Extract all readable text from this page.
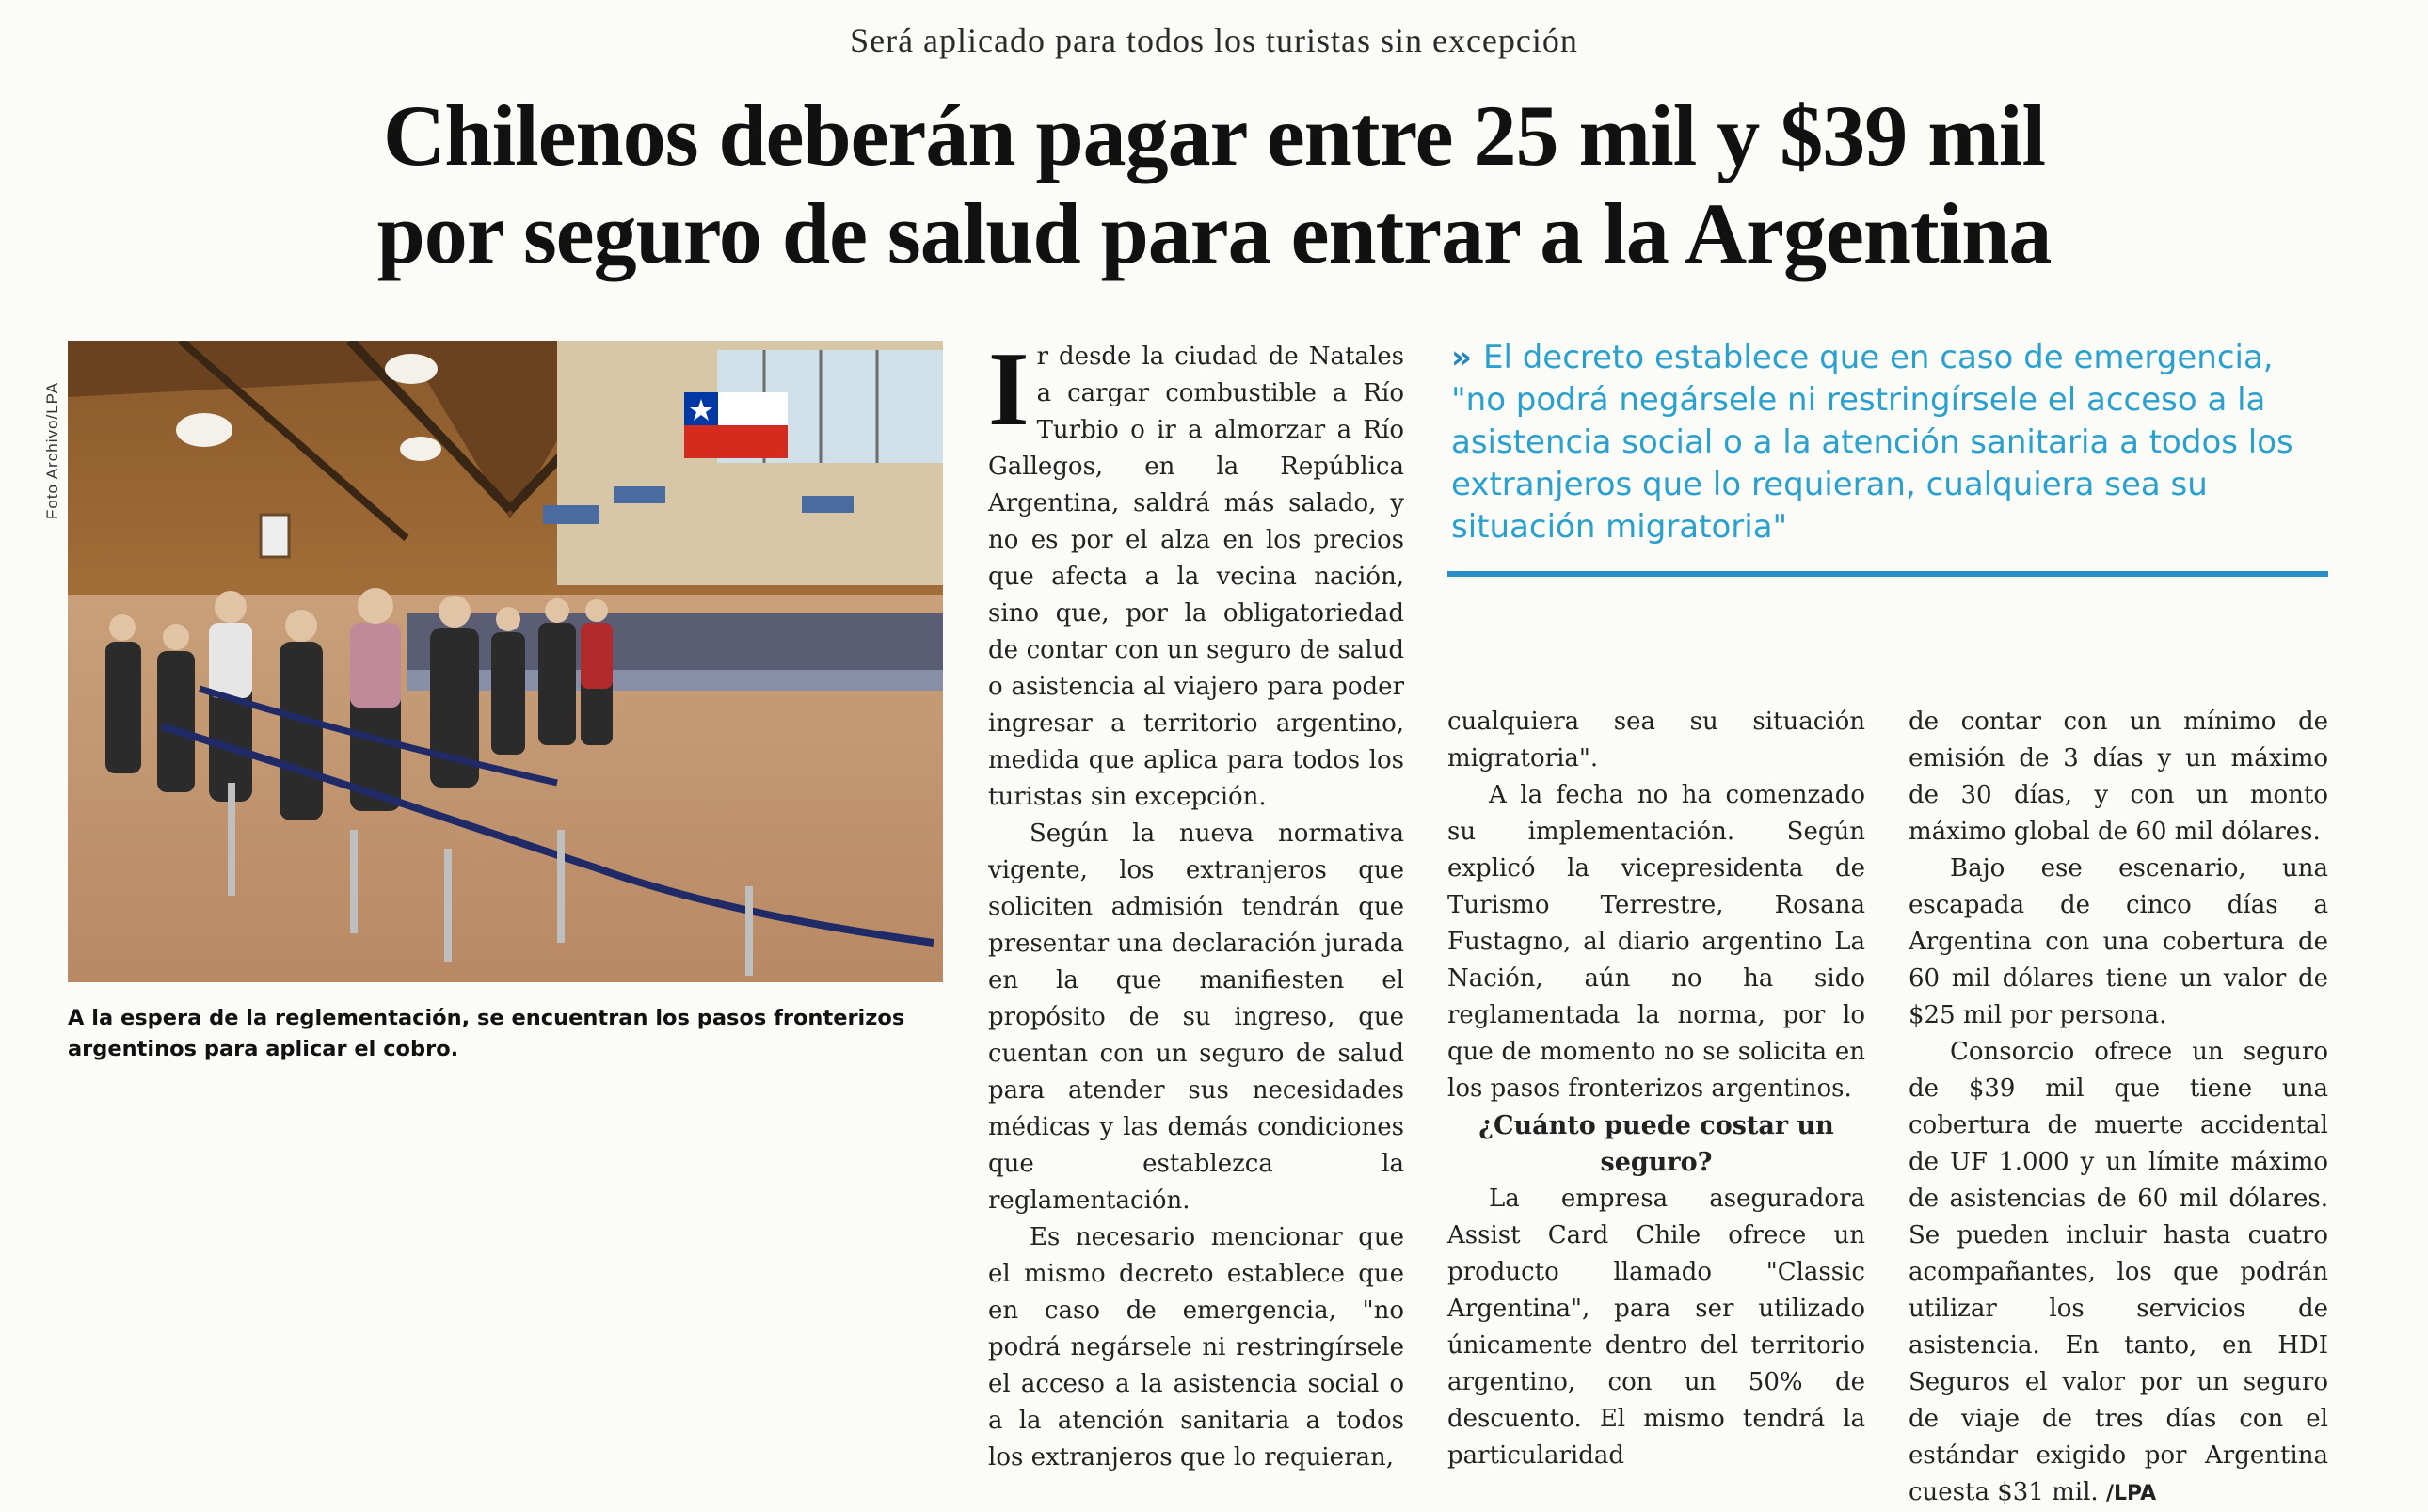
Será aplicado para todos los turistas sin excepción
Chilenos deberán pagar entre 25 mil y $39 mil
por seguro de salud para entrar a la Argentina
Foto Archivo/LPA
A la espera de la reglementación, se encuentran los pasos fronterizos argentinos para aplicar el cobro.
» El decreto establece que en caso de emergencia, "no podrá negársele ni restringírsele el acceso a la asistencia social o a la atención sanitaria a todos los extranjeros que lo requieran, cualquiera sea su situación migratoria"

Ir desde la ciudad de Natales a cargar combustible a Río Turbio o ir a almorzar a Río Gallegos, en la República Argentina, saldrá más salado, y no es por el alza en los precios que afecta a la vecina nación, sino que, por la obligatoriedad de contar con un seguro de salud o asistencia al viajero para poder ingresar a territorio argentino, medida que aplica para todos los turistas sin excepción.

Según la nueva normativa vigente, los extranjeros que soliciten admisión tendrán que presentar una declaración jurada en la que manifiesten el propósito de su ingreso, que cuentan con un seguro de salud para atender sus necesidades médicas y las demás condiciones que establezca la reglamentación.

Es necesario mencionar que el mismo decreto establece que en caso de emergencia, "no podrá negársele ni restringírsele el acceso a la asistencia social o a la atención sanitaria a todos los extranjeros que lo requieran,

cualquiera sea su situación migratoria".

A la fecha no ha comenzado su implementación. Según explicó la vicepresidenta de Turismo Terrestre, Rosana Fustagno, al diario argentino La Nación, aún no ha sido reglamentada la norma, por lo que de momento no se solicita en los pasos fronterizos argentinos.

¿Cuánto puede costar un seguro?

La empresa aseguradora Assist Card Chile ofrece un producto llamado "Classic Argentina", para ser utilizado únicamente dentro del territorio argentino, con un 50% de descuento. El mismo tendrá la particularidad

de contar con un mínimo de emisión de 3 días y un máximo de 30 días, y con un monto máximo global de 60 mil dólares.

Bajo ese escenario, una escapada de cinco días a Argentina con una cobertura de 60 mil dólares tiene un valor de $25 mil por persona.

Consorcio ofrece un seguro de $39 mil que tiene una cobertura de muerte accidental de UF 1.000 y un límite máximo de asistencias de 60 mil dólares. Se pueden incluir hasta cuatro acompañantes, los que podrán utilizar los servicios de asistencia. En tanto, en HDI Seguros el valor por un seguro de viaje de tres días con el estándar exigido por Argentina cuesta $31 mil. /LPA
